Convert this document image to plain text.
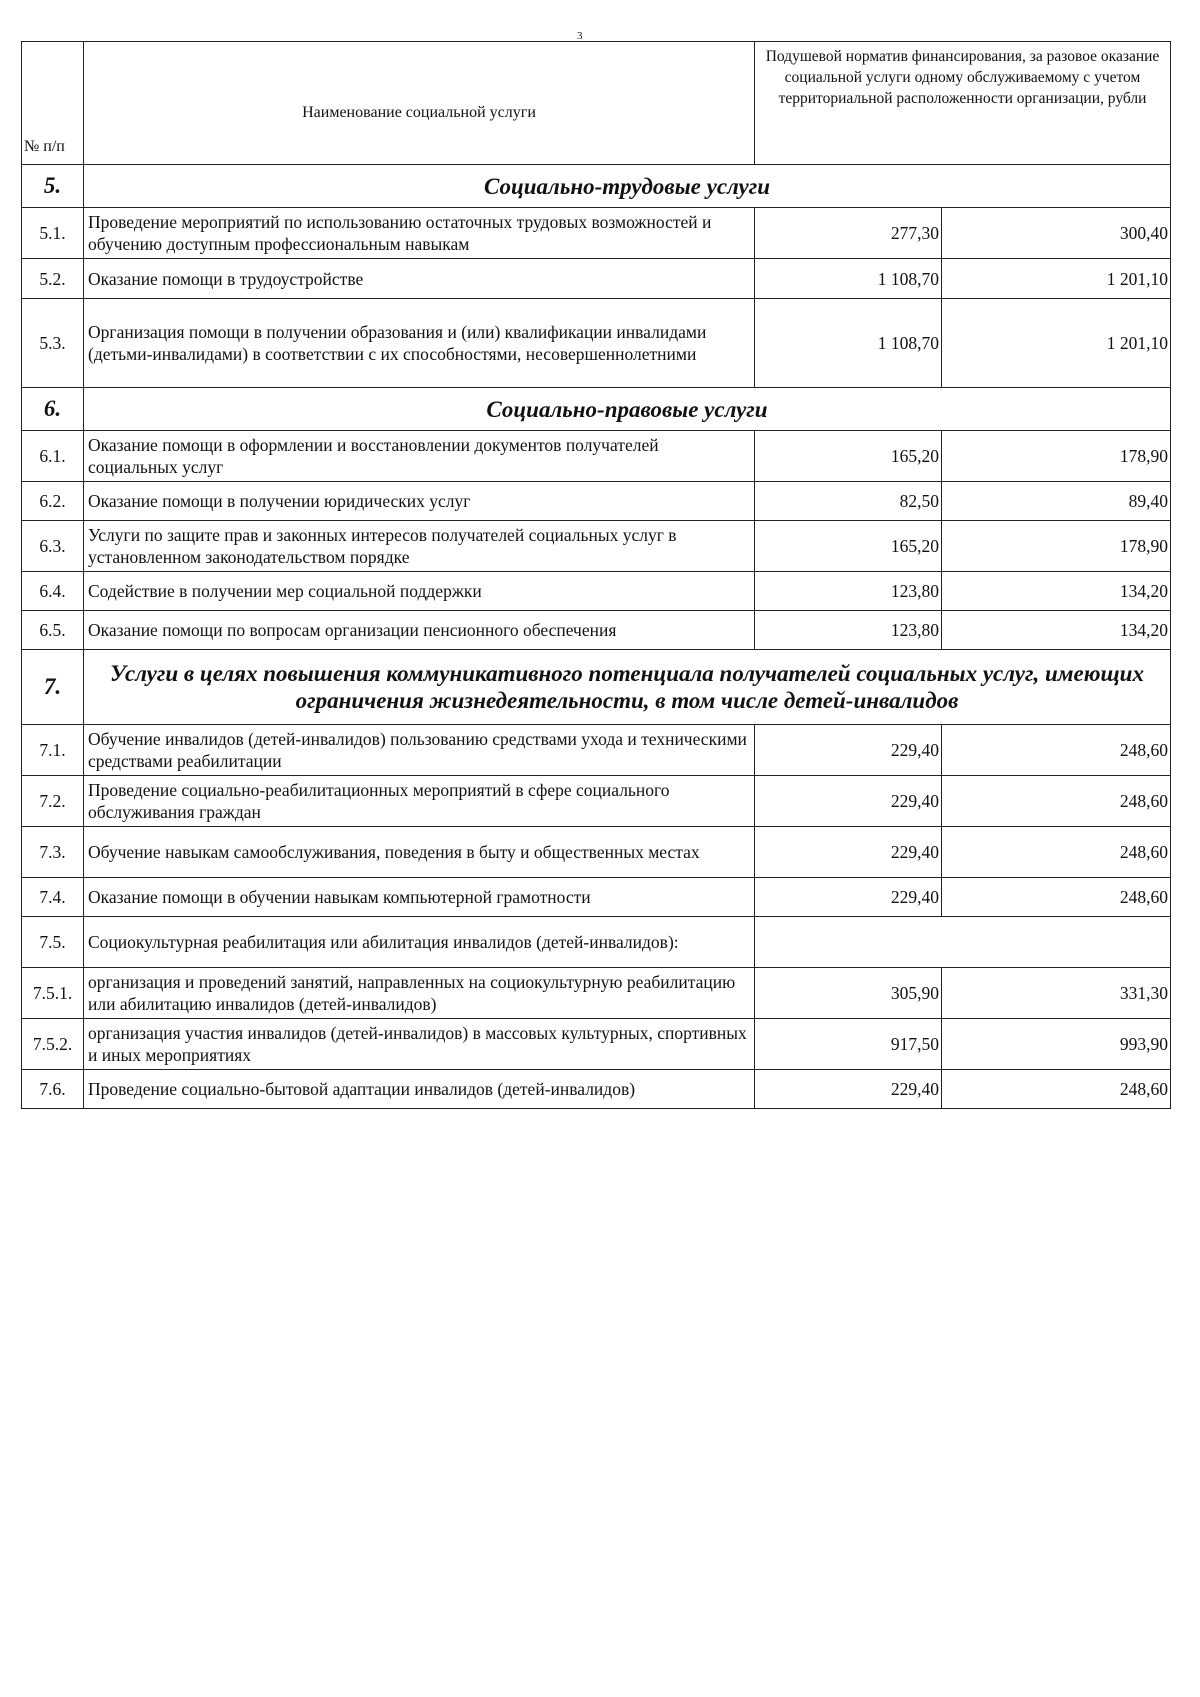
3
№ п/п	Наименование социальной услуги	Подушевой норматив финансирования, за разовое оказание социальной услуги одному обслуживаемому с учетом территориальной расположенности организации, рубли	
5.	Социально-трудовые услуги		
5.1.	Проведение мероприятий по использованию остаточных трудовых возможностей и обучению доступным профессиональным навыкам	277,30	300,40
5.2.	Оказание помощи в трудоустройстве	1 108,70	1 201,10
5.3.	Организация помощи в получении образования и (или) квалификации инвалидами (детьми-инвалидами) в соответствии с их способностями, несовершеннолетними	1 108,70	1 201,10
6.	Социально-правовые услуги		
6.1.	Оказание помощи в оформлении и восстановлении документов получателей социальных услуг	165,20	178,90
6.2.	Оказание помощи в получении юридических услуг	82,50	89,40
6.3.	Услуги по защите прав и законных интересов получателей социальных услуг в установленном законодательством порядке	165,20	178,90
6.4.	Содействие в получении мер социальной поддержки	123,80	134,20
6.5.	Оказание помощи по вопросам организации пенсионного обеспечения	123,80	134,20
7.	Услуги в целях повышения коммуникативного потенциала получателей социальных услуг, имеющих ограничения жизнедеятельности, в том числе детей-инвалидов		
7.1.	Обучение инвалидов (детей-инвалидов) пользованию средствами ухода и техническими средствами реабилитации	229,40	248,60
7.2.	Проведение социально-реабилитационных мероприятий в сфере социального обслуживания граждан	229,40	248,60
7.3.	Обучение навыкам самообслуживания, поведения в быту и общественных местах	229,40	248,60
7.4.	Оказание помощи в обучении навыкам компьютерной грамотности	229,40	248,60
7.5.	Социокультурная реабилитация или абилитация инвалидов (детей-инвалидов):		
7.5.1.	организация и проведений занятий, направленных на социокультурную реабилитацию или абилитацию инвалидов (детей-инвалидов)	305,90	331,30
7.5.2.	организация участия инвалидов (детей-инвалидов) в массовых культурных, спортивных и иных мероприятиях	917,50	993,90
7.6.	Проведение социально-бытовой адаптации инвалидов (детей-инвалидов)	229,40	248,60
